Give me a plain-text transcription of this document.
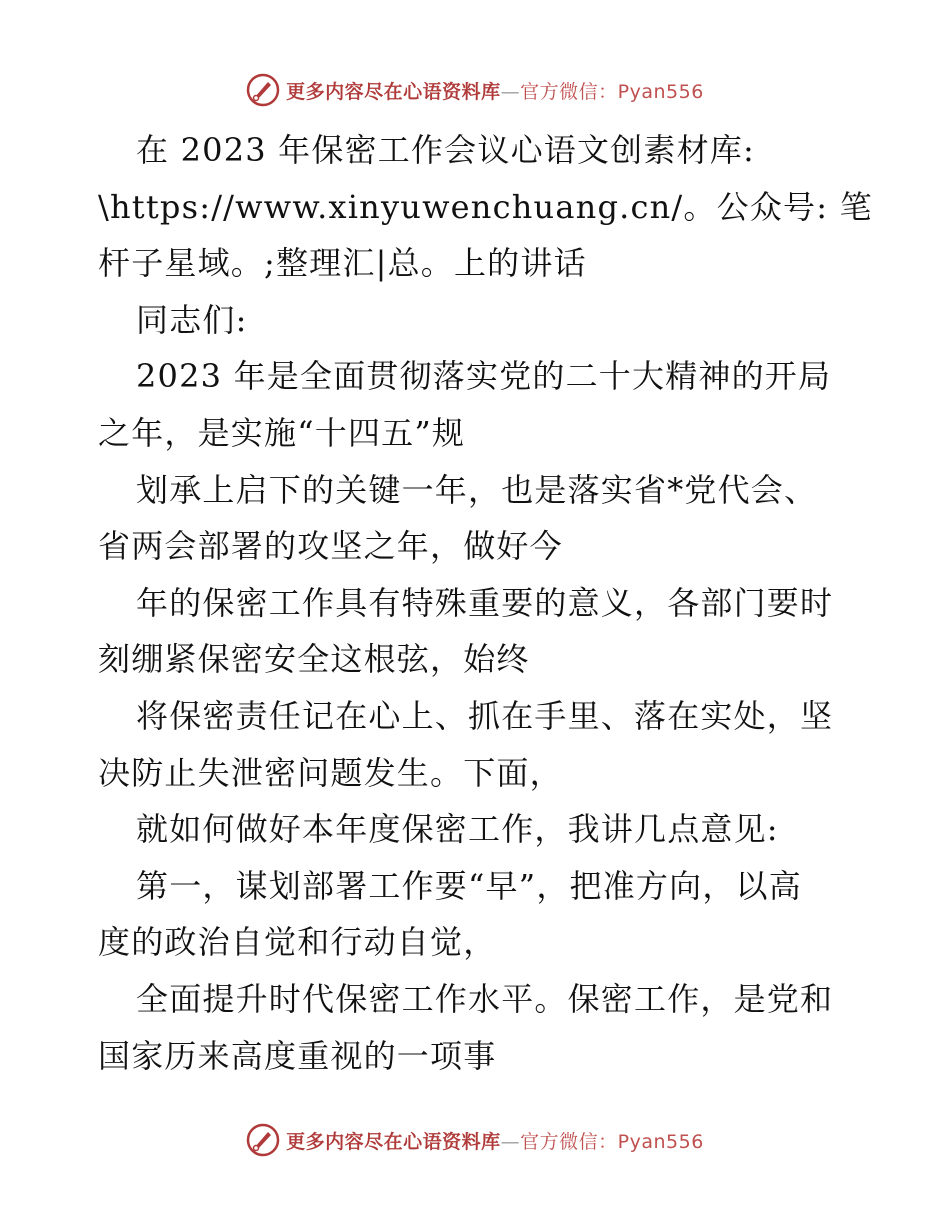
更多内容尽在心语资料库—官方微信：Pyan556
在 2023 年保密工作会议心语文创素材库:
\https://www.xinyuwenchuang.cn/。公众号: 笔
杆子星域。;整理汇|总。上的讲话
同志们:
2023 年是全面贯彻落实党的二十大精神的开局
之年，是实施“十四五”规
划承上启下的关键一年，也是落实省*党代会、
省两会部署的攻坚之年，做好今
年的保密工作具有特殊重要的意义，各部门要时
刻绷紧保密安全这根弦，始终
将保密责任记在心上、抓在手里、落在实处，坚
决防止失泄密问题发生。下面，
就如何做好本年度保密工作，我讲几点意见:
第一，谋划部署工作要“早”，把准方向，以高
度的政治自觉和行动自觉，
全面提升时代保密工作水平。保密工作，是党和
国家历来高度重视的一项事
更多内容尽在心语资料库—官方微信：Pyan556
